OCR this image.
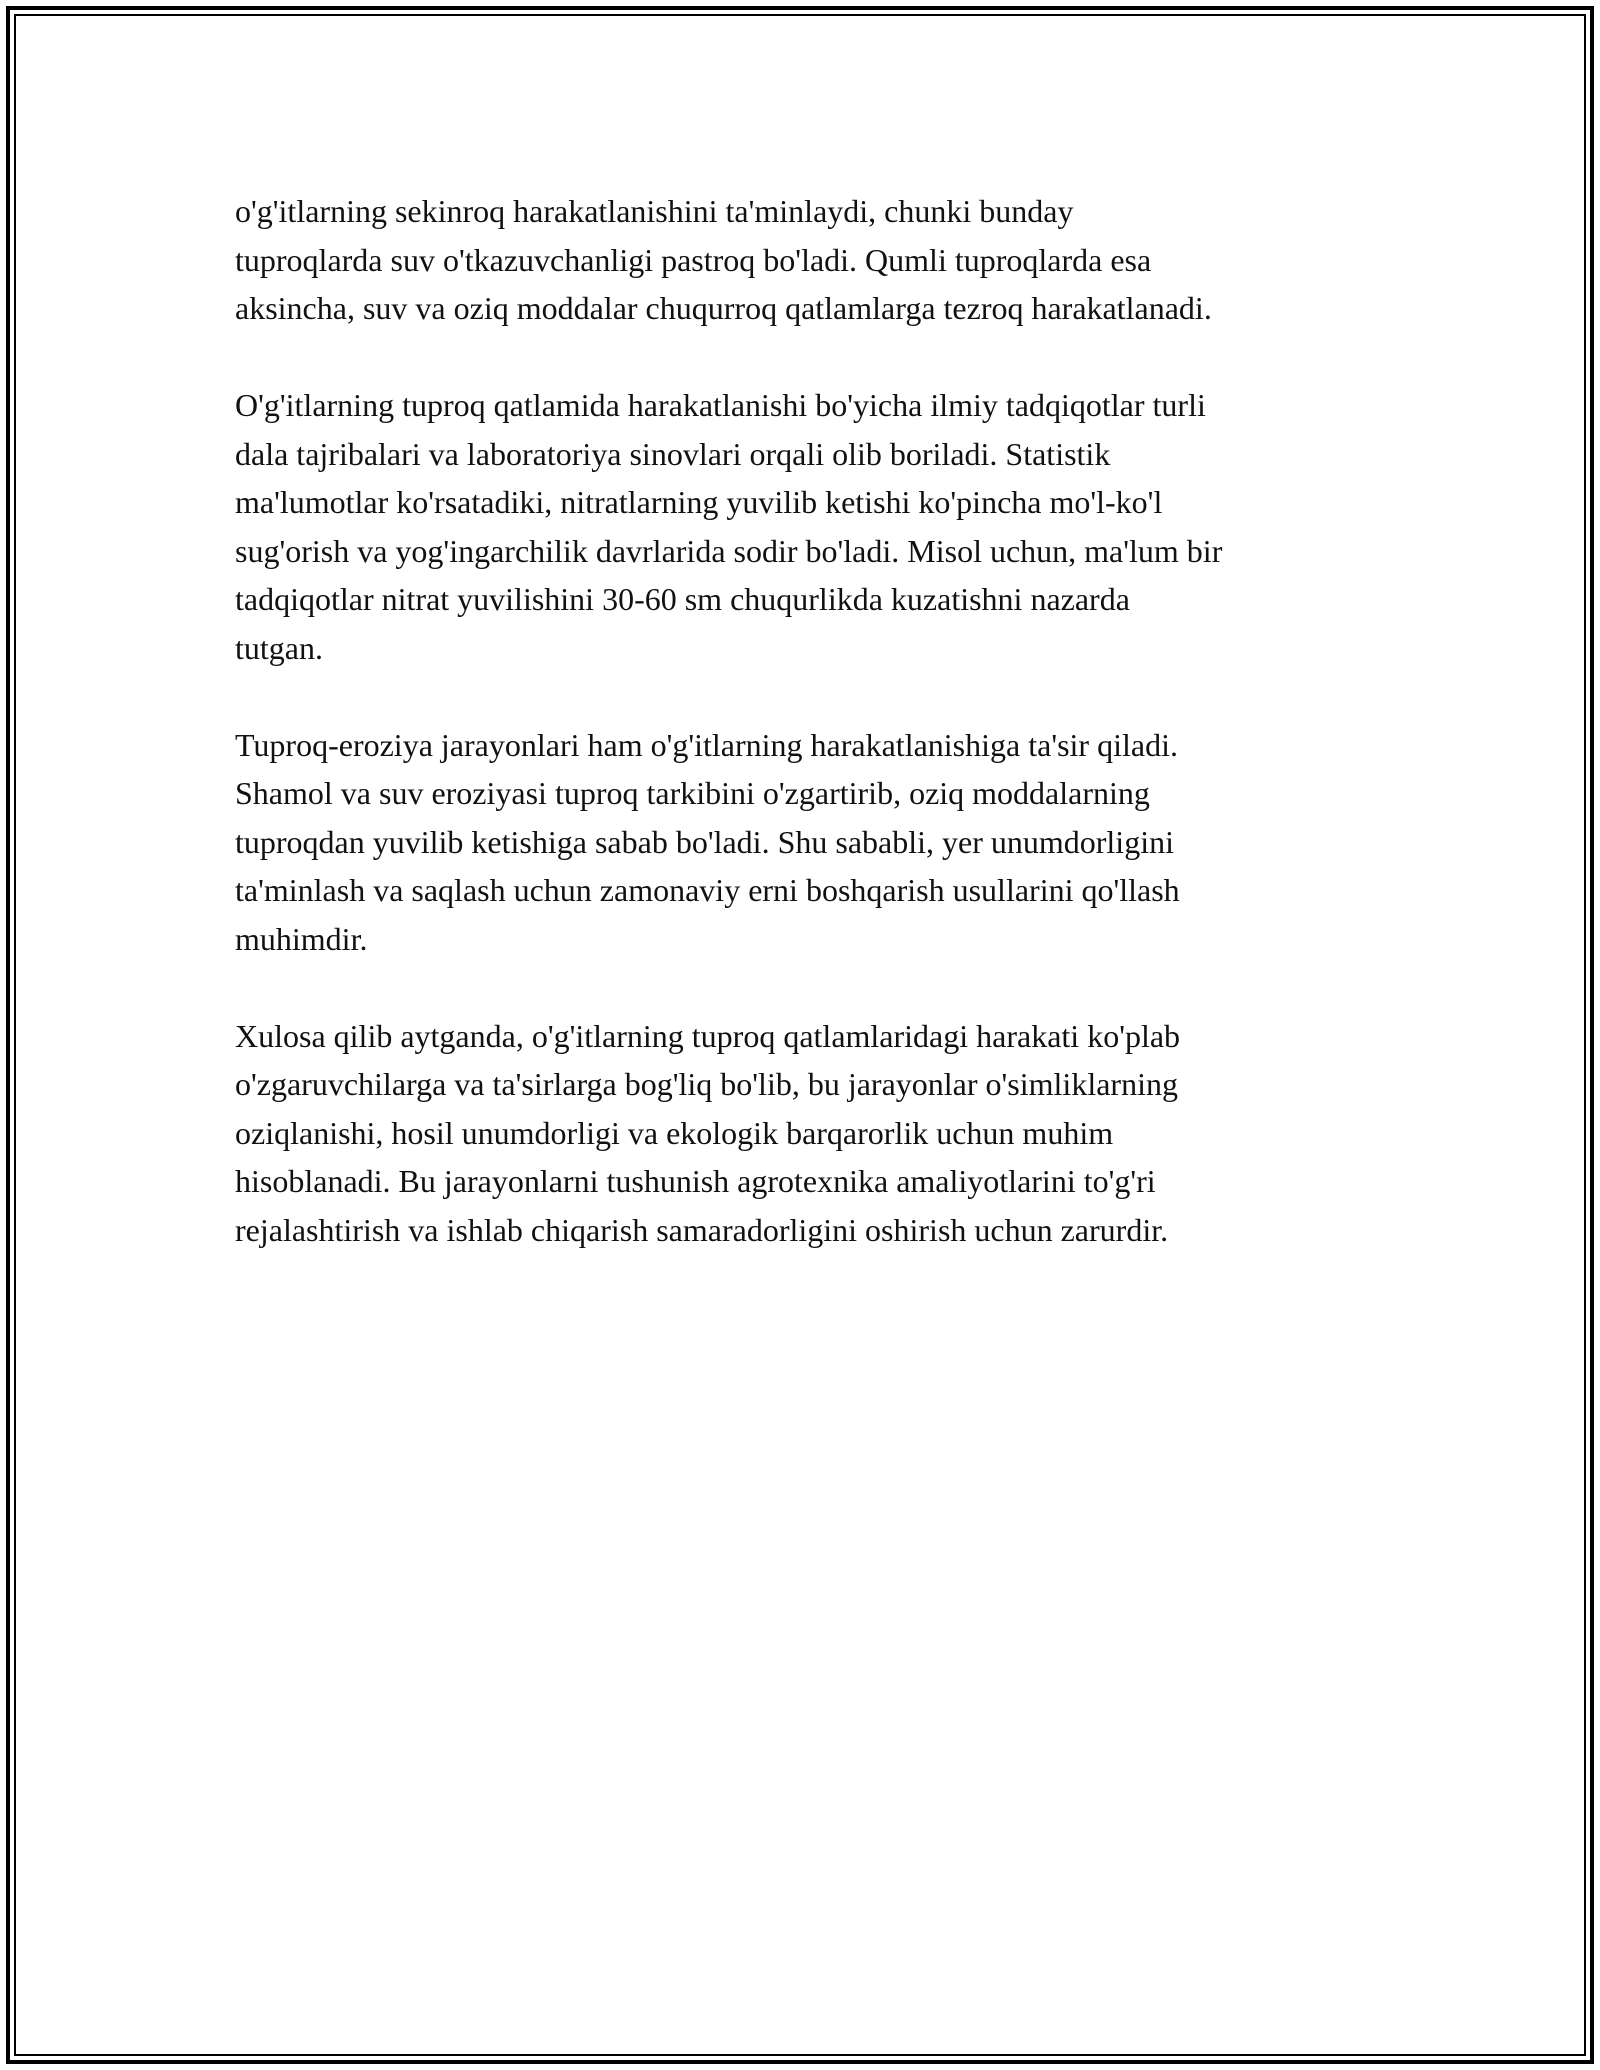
o'g'itlarning sekinroq harakatlanishini ta'minlaydi, chunki bunday
tuproqlarda suv o'tkazuvchanligi pastroq bo'ladi. Qumli tuproqlarda esa
aksincha, suv va oziq moddalar chuqurroq qatlamlarga tezroq harakatlanadi.

O'g'itlarning tuproq qatlamida harakatlanishi bo'yicha ilmiy tadqiqotlar turli
dala tajribalari va laboratoriya sinovlari orqali olib boriladi. Statistik
ma'lumotlar ko'rsatadiki, nitratlarning yuvilib ketishi ko'pincha mo'l-ko'l
sug'orish va yog'ingarchilik davrlarida sodir bo'ladi. Misol uchun, ma'lum bir
tadqiqotlar nitrat yuvilishini 30-60 sm chuqurlikda kuzatishni nazarda
tutgan.

Tuproq-eroziya jarayonlari ham o'g'itlarning harakatlanishiga ta'sir qiladi.
Shamol va suv eroziyasi tuproq tarkibini o'zgartirib, oziq moddalarning
tuproqdan yuvilib ketishiga sabab bo'ladi. Shu sababli, yer unumdorligini
ta'minlash va saqlash uchun zamonaviy erni boshqarish usullarini qo'llash
muhimdir.

Xulosa qilib aytganda, o'g'itlarning tuproq qatlamlaridagi harakati ko'plab
o'zgaruvchilarga va ta'sirlarga bog'liq bo'lib, bu jarayonlar o'simliklarning
oziqlanishi, hosil unumdorligi va ekologik barqarorlik uchun muhim
hisoblanadi. Bu jarayonlarni tushunish agrotexnika amaliyotlarini to'g'ri
rejalashtirish va ishlab chiqarish samaradorligini oshirish uchun zarurdir.
